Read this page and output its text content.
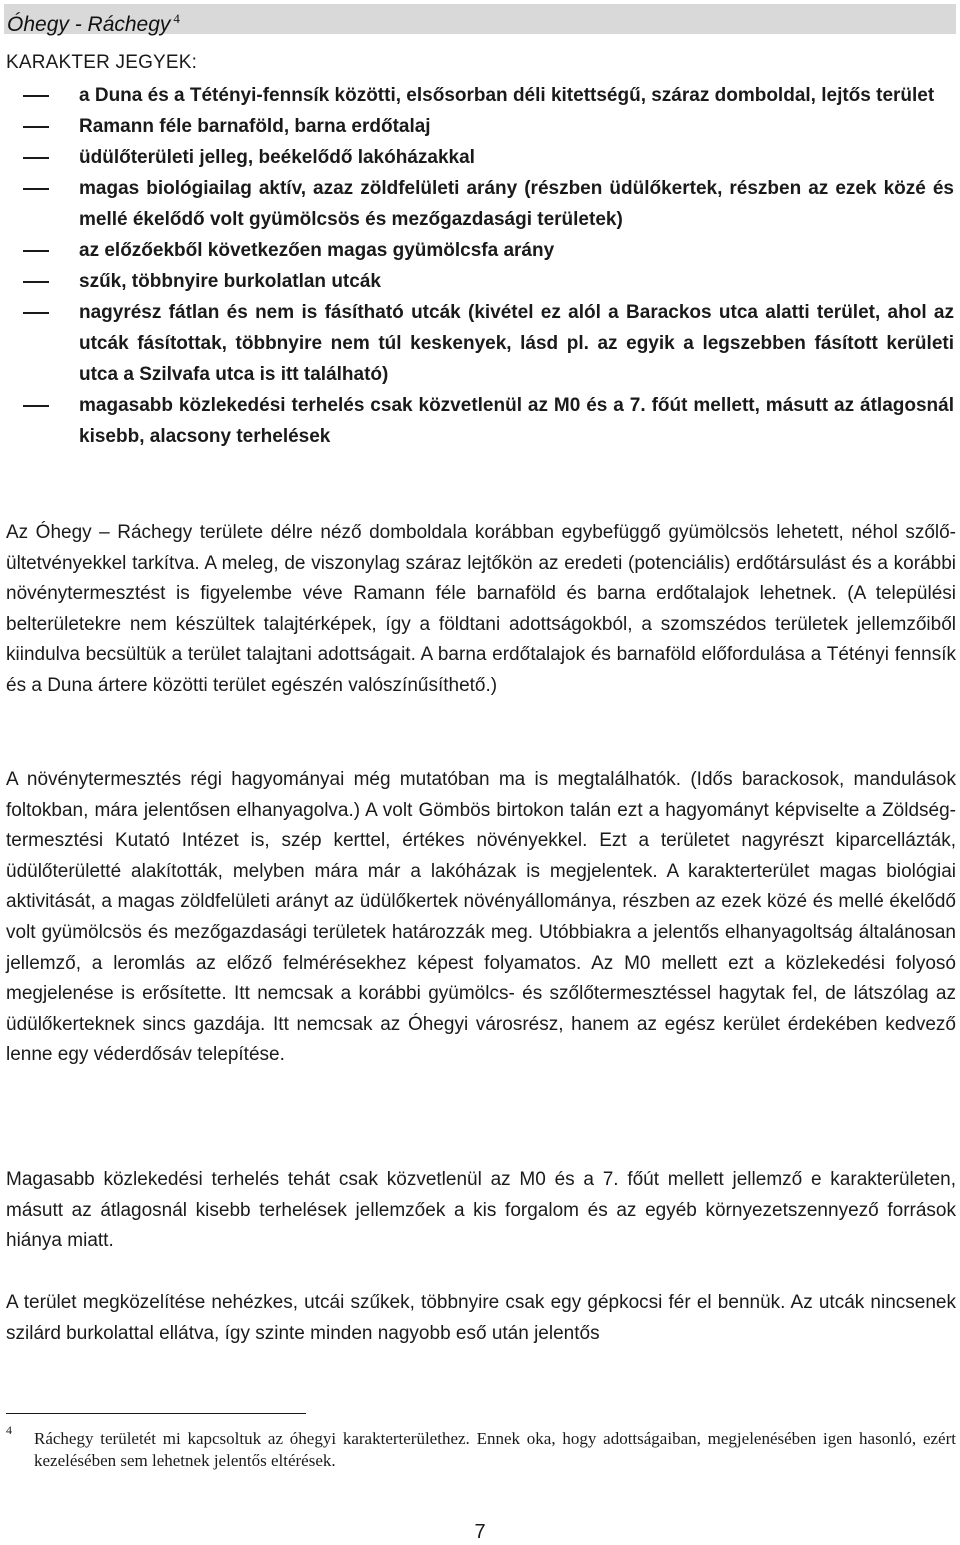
Óhegy - Ráchegy $^4$
KARAKTER JEGYEK:
a Duna és a Tétényi-fennsík közötti, elsősorban déli kitettségű, száraz domboldal, lejtős terület
Ramann féle barnaföld, barna erdőtalaj
üdülőterületi jelleg, beékelődő lakóházakkal
magas biológiailag aktív, azaz zöldfelületi arány (részben üdülőkertek, részben az ezek közé és mellé ékelődő volt gyümölcsös és mezőgazdasági területek)
az előzőekből következően magas gyümölcsfa arány
szűk, többnyire burkolatlan utcák
nagyrész fátlan és nem is fásítható utcák (kivétel ez alól a Barackos utca alatti terület, ahol az utcák fásítottak, többnyire nem túl keskenyek, lásd pl. az egyik a legszebben fásított kerületi utca a Szilvafa utca is itt található)
magasabb közlekedési terhelés csak közvetlenül az M0 és a 7. főút mellett, másutt az átlagosnál kisebb, alacsony terhelések

Az Óhegy – Ráchegy területe délre néző domboldala korábban egybefüggő gyümölcsös lehetett, néhol szőlő-ültetvényekkel tarkítva. A meleg, de viszonylag száraz lejtőkön az eredeti (potenciális) erdőtársulást és a korábbi növénytermesztést is figyelembe véve Ramann féle barnaföld és barna erdőtalajok lehetnek. (A települési belterületekre nem készültek talajtérképek, így a földtani adottságokból, a szomszédos területek jellemzőiből kiindulva becsültük a terület talajtani adottságait. A barna erdőtalajok és barnaföld előfordulása a Tétényi fennsík és a Duna ártere közötti terület egészén valószínűsíthető.)

A növénytermesztés régi hagyományai még mutatóban ma is megtalálhatók. (Idős barackosok, mandulások foltokban, mára jelentősen elhanyagolva.) A volt Gömbös birtokon talán ezt a hagyományt képviselte a Zöldség-termesztési Kutató Intézet is, szép kerttel, értékes növényekkel. Ezt a területet nagyrészt kiparcellázták, üdülőterületté alakították, melyben mára már a lakóházak is megjelentek. A karakterterület magas biológiai aktivitását, a magas zöldfelületi arányt az üdülőkertek növényállománya, részben az ezek közé és mellé ékelődő volt gyümölcsös és mezőgazdasági területek határozzák meg. Utóbbiakra a jelentős elhanyagoltság általánosan jellemző, a leromlás az előző felmérésekhez képest folyamatos. Az M0 mellett ezt a közlekedési folyosó megjelenése is erősítette. Itt nemcsak a korábbi gyümölcs- és szőlőtermesztéssel hagytak fel, de látszólag az üdülőkerteknek sincs gazdája. Itt nemcsak az Óhegyi városrész, hanem az egész kerület érdekében kedvező lenne egy véderdősáv telepítése.

Magasabb közlekedési terhelés tehát csak közvetlenül az M0 és a 7. főút mellett jellemző e karakterületen, másutt az átlagosnál kisebb terhelések jellemzőek a kis forgalom és az egyéb környezetszennyező források hiánya miatt.

A terület megközelítése nehézkes, utcái szűkek, többnyire csak egy gépkocsi fér el bennük. Az utcák nincsenek szilárd burkolattal ellátva, így szinte minden nagyobb eső után jelentős

4 Ráchegy területét mi kapcsoltuk az óhegyi karakterterülethez. Ennek oka, hogy adottságaiban, megjelenésében igen hasonló, ezért kezelésében sem lehetnek jelentős eltérések.

7
